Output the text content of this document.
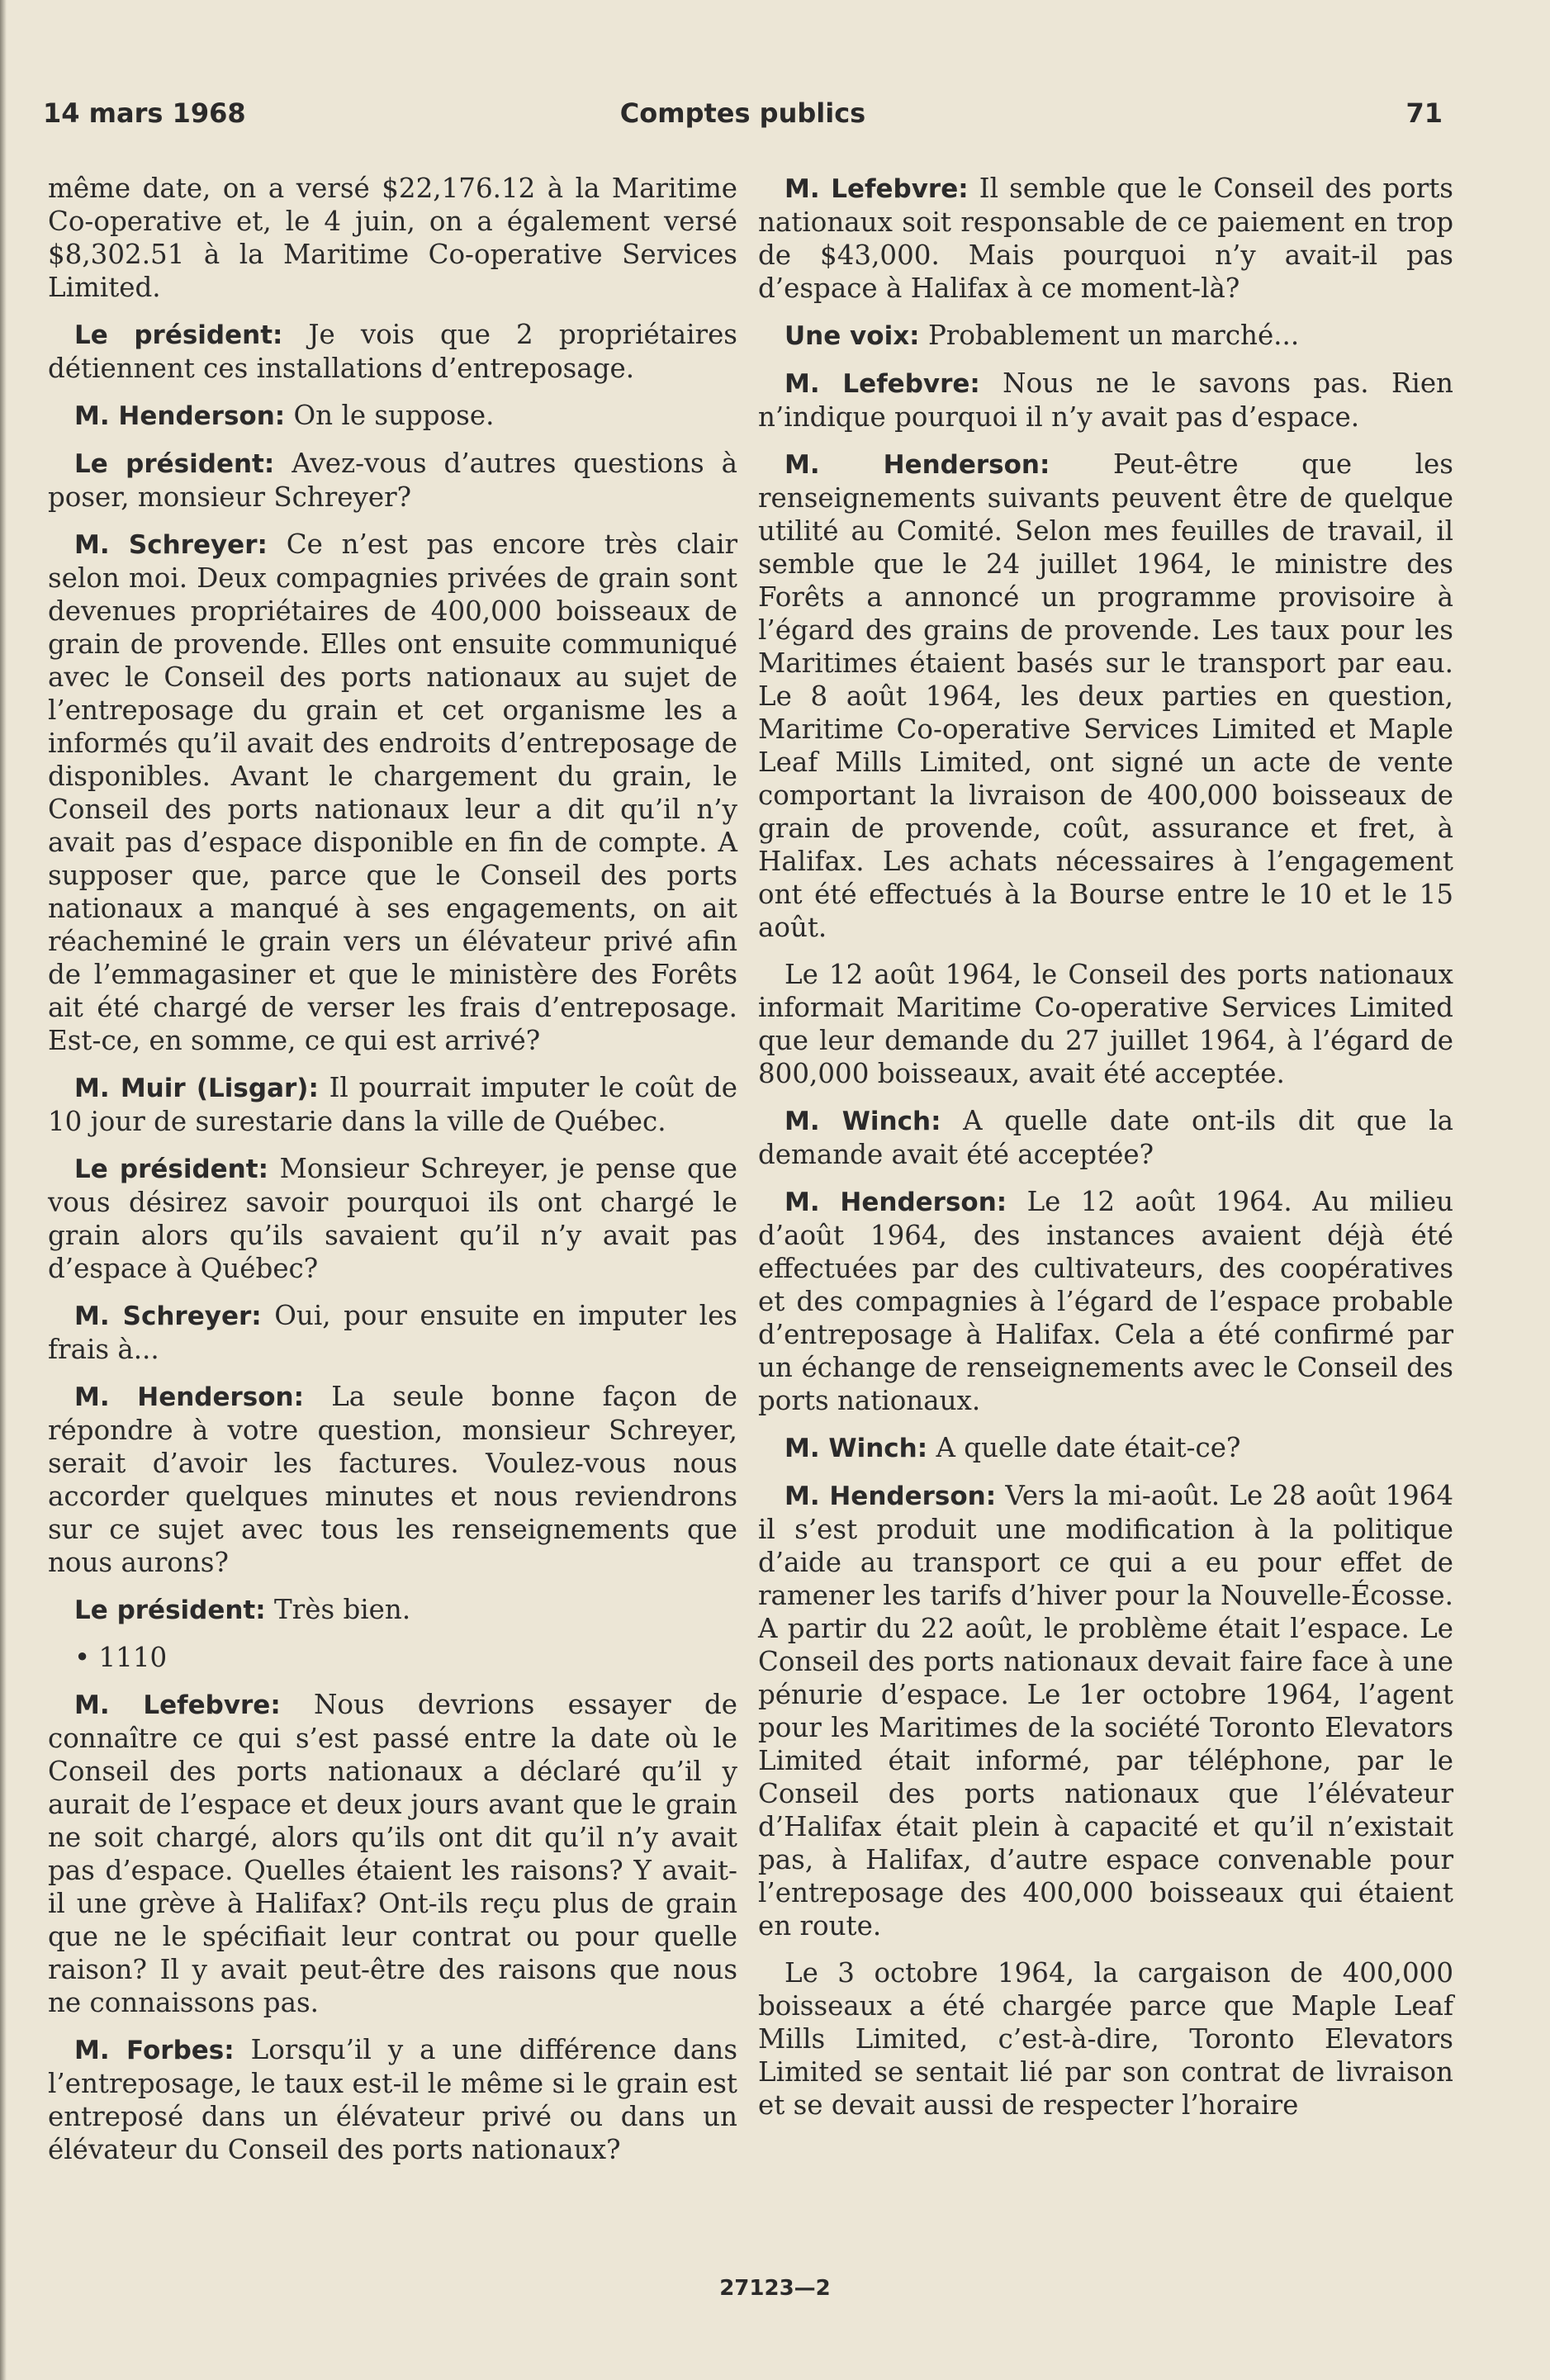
14 mars 1968	Comptes publics	71

même date, on a versé $22,176.12 à la Maritime Co-operative et, le 4 juin, on a également versé $8,302.51 à la Maritime Co-operative Services Limited.

Le président: Je vois que 2 propriétaires détiennent ces installations d’entreposage.

M. Henderson: On le suppose.

Le président: Avez-vous d’autres questions à poser, monsieur Schreyer?

M. Schreyer: Ce n’est pas encore très clair selon moi. Deux compagnies privées de grain sont devenues propriétaires de 400,000 boisseaux de grain de provende. Elles ont ensuite communiqué avec le Conseil des ports nationaux au sujet de l’entreposage du grain et cet organisme les a informés qu’il avait des endroits d’entreposage de disponibles. Avant le chargement du grain, le Conseil des ports nationaux leur a dit qu’il n’y avait pas d’espace disponible en fin de compte. A supposer que, parce que le Conseil des ports nationaux a manqué à ses engagements, on ait réacheminé le grain vers un élévateur privé afin de l’emmagasiner et que le ministère des Forêts ait été chargé de verser les frais d’entreposage. Est-ce, en somme, ce qui est arrivé?

M. Muir (Lisgar): Il pourrait imputer le coût de 10 jour de surestarie dans la ville de Québec.

Le président: Monsieur Schreyer, je pense que vous désirez savoir pourquoi ils ont chargé le grain alors qu’ils savaient qu’il n’y avait pas d’espace à Québec?

M. Schreyer: Oui, pour ensuite en imputer les frais à...

M. Henderson: La seule bonne façon de répondre à votre question, monsieur Schreyer, serait d’avoir les factures. Voulez-vous nous accorder quelques minutes et nous reviendrons sur ce sujet avec tous les renseignements que nous aurons?

Le président: Très bien.

• 1110

M. Lefebvre: Nous devrions essayer de connaître ce qui s’est passé entre la date où le Conseil des ports nationaux a déclaré qu’il y aurait de l’espace et deux jours avant que le grain ne soit chargé, alors qu’ils ont dit qu’il n’y avait pas d’espace. Quelles étaient les raisons? Y avait-il une grève à Halifax? Ont-ils reçu plus de grain que ne le spécifiait leur contrat ou pour quelle raison? Il y avait peut-être des raisons que nous ne connaissons pas.

M. Forbes: Lorsqu’il y a une différence dans l’entreposage, le taux est-il le même si le grain est entreposé dans un élévateur privé ou dans un élévateur du Conseil des ports nationaux?

M. Lefebvre: Il semble que le Conseil des ports nationaux soit responsable de ce paiement en trop de $43,000. Mais pourquoi n’y avait-il pas d’espace à Halifax à ce moment-là?

Une voix: Probablement un marché...

M. Lefebvre: Nous ne le savons pas. Rien n’indique pourquoi il n’y avait pas d’espace.

M. Henderson: Peut-être que les renseignements suivants peuvent être de quelque utilité au Comité. Selon mes feuilles de travail, il semble que le 24 juillet 1964, le ministre des Forêts a annoncé un programme provisoire à l’égard des grains de provende. Les taux pour les Maritimes étaient basés sur le transport par eau. Le 8 août 1964, les deux parties en question, Maritime Co-operative Services Limited et Maple Leaf Mills Limited, ont signé un acte de vente comportant la livraison de 400,000 boisseaux de grain de provende, coût, assurance et fret, à Halifax. Les achats nécessaires à l’engagement ont été effectués à la Bourse entre le 10 et le 15 août.

Le 12 août 1964, le Conseil des ports nationaux informait Maritime Co-operative Services Limited que leur demande du 27 juillet 1964, à l’égard de 800,000 boisseaux, avait été acceptée.

M. Winch: A quelle date ont-ils dit que la demande avait été acceptée?

M. Henderson: Le 12 août 1964. Au milieu d’août 1964, des instances avaient déjà été effectuées par des cultivateurs, des coopératives et des compagnies à l’égard de l’espace probable d’entreposage à Halifax. Cela a été confirmé par un échange de renseignements avec le Conseil des ports nationaux.

M. Winch: A quelle date était-ce?

M. Henderson: Vers la mi-août. Le 28 août 1964 il s’est produit une modification à la politique d’aide au transport ce qui a eu pour effet de ramener les tarifs d’hiver pour la Nouvelle-Écosse. A partir du 22 août, le problème était l’espace. Le Conseil des ports nationaux devait faire face à une pénurie d’espace. Le 1er octobre 1964, l’agent pour les Maritimes de la société Toronto Elevators Limited était informé, par téléphone, par le Conseil des ports nationaux que l’élévateur d’Halifax était plein à capacité et qu’il n’existait pas, à Halifax, d’autre espace convenable pour l’entreposage des 400,000 boisseaux qui étaient en route.

Le 3 octobre 1964, la cargaison de 400,000 boisseaux a été chargée parce que Maple Leaf Mills Limited, c’est-à-dire, Toronto Elevators Limited se sentait lié par son contrat de livraison et se devait aussi de respecter l’horaire

27123—2
